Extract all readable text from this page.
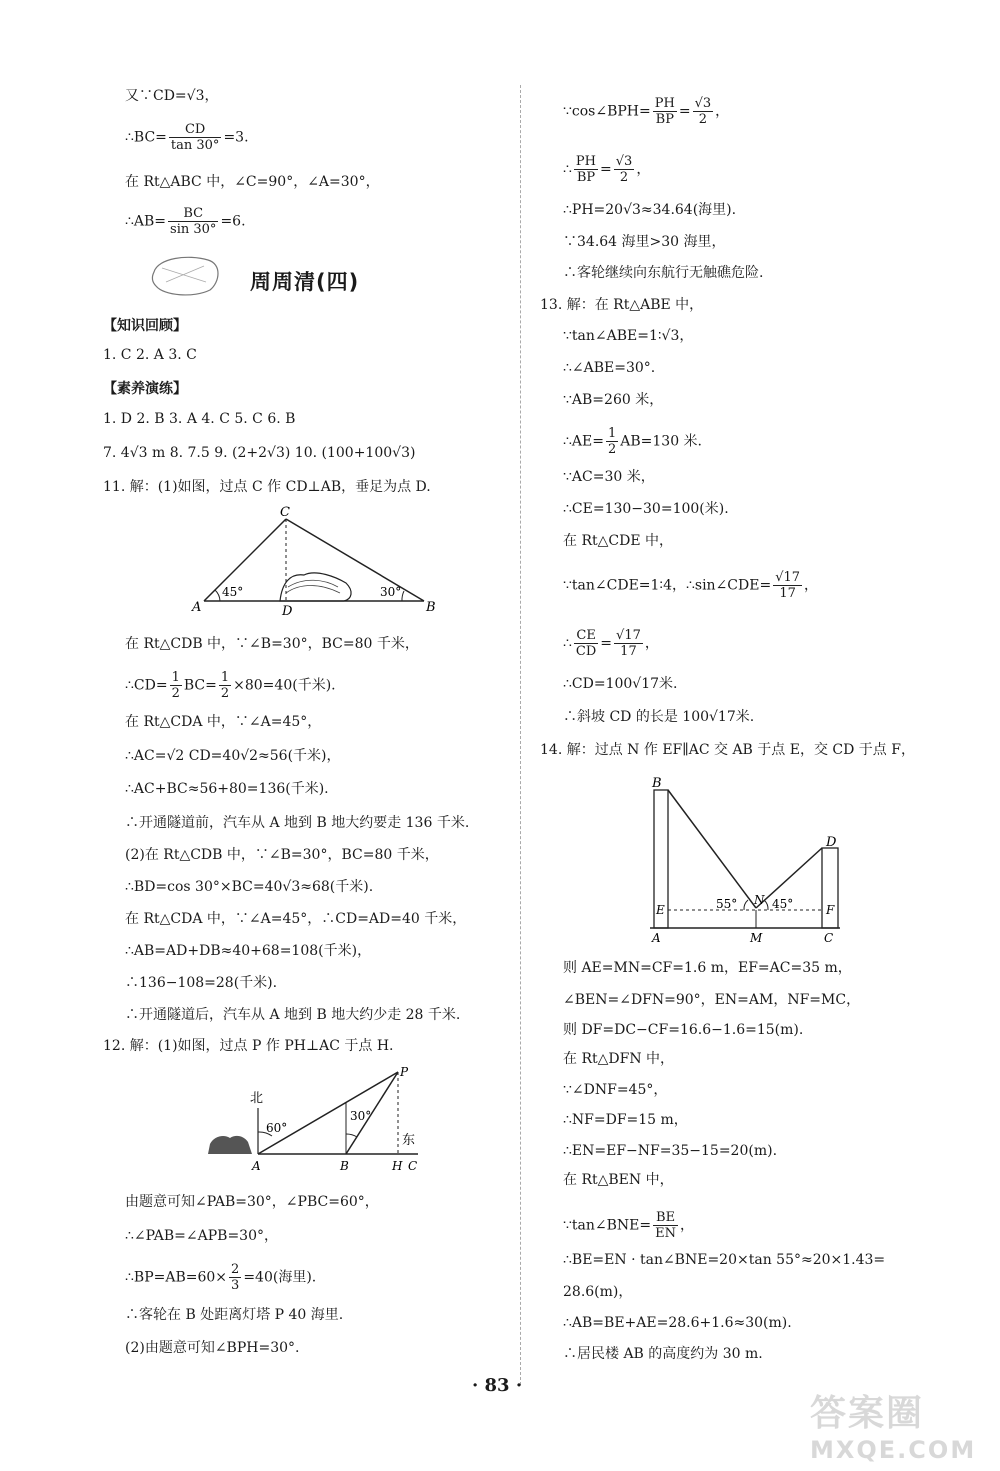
又∵CD=√3，
∴BC= $\frac{CD}{\tan 30^\circ} =3$.
在 Rt△ABC 中，∠C=90°，∠A=30°，
∴AB= $\frac{BC}{\sin 30^\circ} =6$.
周周清(四)
【知识回顾】
1. C 2. A 3. C
【素养演练】
1. D 2. B 3. A 4. C 5. C 6. B
7. 4√3 m 8. 7.5 9. (2+2√3) 10. (100+100√3)
11. 解：(1)如图，过点 C 作 CD⊥AB，垂足为点 D.
C
A	B
D
45°	30°
在 Rt△CDB 中，∵∠B=30°，BC=80 千米，
∴CD= $\frac{1}{2} BC= \frac{1}{2} \times 80=40$(千米).
在 Rt△CDA 中，∵∠A=45°，
∴AC=√2 CD=40√2≈56(千米)，
∴AC+BC≈56+80=136(千米).
∴开通隧道前，汽车从 A 地到 B 地大约要走 136 千米.
(2)在 Rt△CDB 中，∵∠B=30°，BC=80 千米，
∴BD=cos 30°×BC=40√3≈68(千米).
在 Rt△CDA 中，∵∠A=45°，∴CD=AD=40 千米，
∴AB=AD+DB≈40+68=108(千米)，
∴136−108=28(千米).
∴开通隧道后，汽车从 A 地到 B 地大约少走 28 千米.
12. 解：(1)如图，过点 P 作 PH⊥AC 于点 H.
北
60°
30°
东
P
A	B	H C
由题意可知∠PAB=30°，∠PBC=60°，
∴∠PAB=∠APB=30°，
∴BP=AB=60× $\frac{2}{3} =40$(海里).
∴客轮在 B 处距离灯塔 P 40 海里.
(2)由题意可知∠BPH=30°.
∵cos∠BPH= $\frac{PH}{BP} = \frac{√3}{2}$ ，
∴ $\frac{PH}{BP} = \frac{√3}{2}$ ，
∴PH=20√3≈34.64(海里).
∵34.64 海里>30 海里，
∴客轮继续向东航行无触礁危险.
13. 解：在 Rt△ABE 中，
∵tan∠ABE=1∶√3，
∴∠ABE=30°.
∵AB=260 米，
∴AE= $\frac{1}{2} AB=130$ 米.
∵AC=30 米，
∴CE=130−30=100(米).
在 Rt△CDE 中，
∵tan∠CDE=1∶4，∴sin∠CDE= $\frac{√17}{17}$ ，
∴ $\frac{CE}{CD} = \frac{√17}{17}$ ，
∴CD=100√17米.
∴斜坡 CD 的长是 100√17米.
14. 解：过点 N 作 EF∥AC 交 AB 于点 E，交 CD 于点 F，
B
D
N
E	F
A	M	C
55°	45°
则 AE=MN=CF=1.6 m，EF=AC=35 m，
∠BEN=∠DFN=90°，EN=AM，NF=MC，
则 DF=DC−CF=16.6−1.6=15(m).
在 Rt△DFN 中，
∵∠DNF=45°，
∴NF=DF=15 m，
∴EN=EF−NF=35−15=20(m).
在 Rt△BEN 中，
∵tan∠BNE= $\frac{BE}{EN}$ ，
∴BE=EN · tan∠BNE=20×tan 55°≈20×1.43=
28.6(m)，
∴AB=BE+AE=28.6+1.6≈30(m).
∴居民楼 AB 的高度约为 30 m.
· 83 ·
答案圈
MXQE.COM
